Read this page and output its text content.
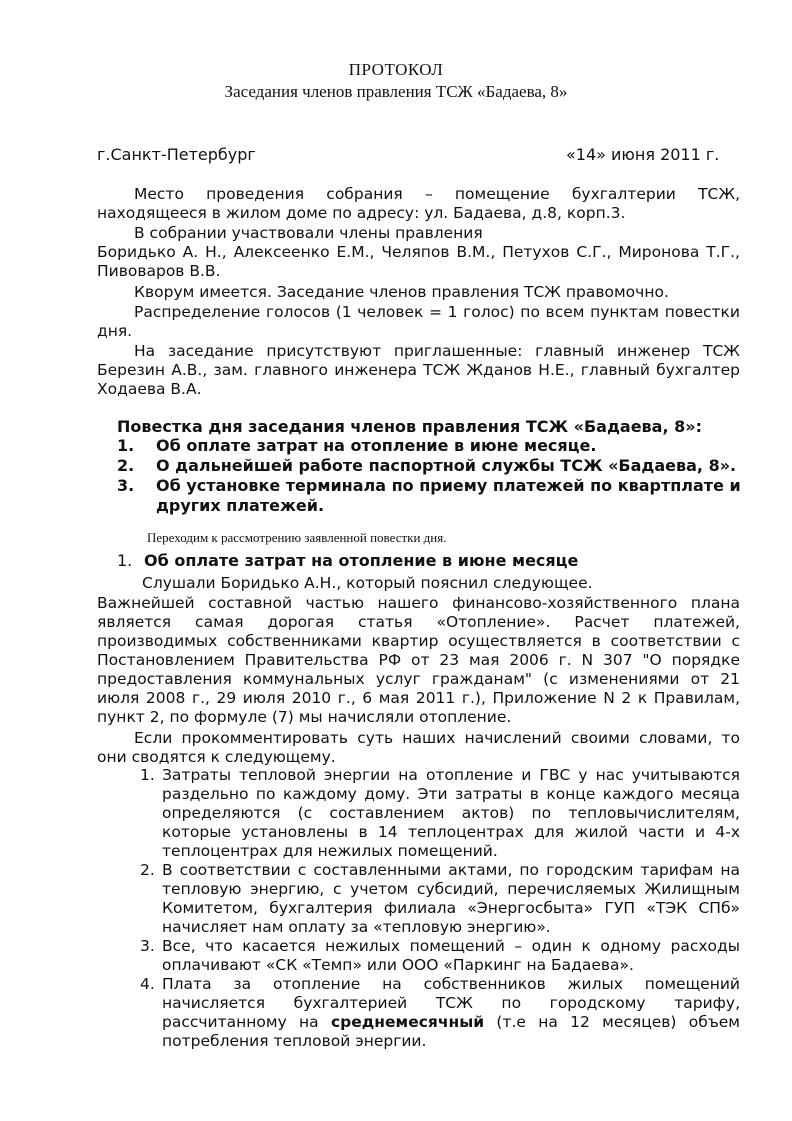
ПРОТОКОЛ
Заседания членов правления ТСЖ «Бадаева, 8»
г.Санкт-Петербург	«14» июня 2011 г.
Место проведения собрания – помещение бухгалтерии ТСЖ, находящееся в жилом доме по адресу: ул. Бадаева, д.8, корп.3.
В собрании участвовали члены правления
Боридько А. Н., Алексеенко Е.М., Челяпов В.М., Петухов С.Г., Миронова Т.Г., Пивоваров В.В.
Кворум имеется. Заседание членов правления ТСЖ правомочно.
Распределение голосов (1 человек = 1 голос) по всем пунктам повестки дня.
На заседание присутствуют приглашенные: главный инженер ТСЖ Березин А.В., зам. главного инженера ТСЖ Жданов Н.Е., главный бухгалтер Ходаева В.А.
Повестка дня заседания членов правления ТСЖ «Бадаева, 8»:
1. Об оплате затрат на отопление в июне месяце.
2. О дальнейшей работе паспортной службы ТСЖ «Бадаева, 8».
3. Об установке терминала по приему платежей по квартплате и других платежей.
Переходим к рассмотрению заявленной повестки дня.
1. Об оплате затрат на отопление в июне месяце
Слушали Боридько А.Н., который пояснил следующее.
Важнейшей составной частью нашего финансово-хозяйственного плана является самая дорогая статья «Отопление». Расчет платежей, производимых собственниками квартир осуществляется в соответствии с Постановлением Правительства РФ от 23 мая 2006 г. N 307 "О порядке предоставления коммунальных услуг гражданам" (с изменениями от 21 июля 2008 г., 29 июля 2010 г., 6 мая 2011 г.), Приложение N 2 к Правилам, пункт 2, по формуле (7) мы начисляли отопление.
Если прокомментировать суть наших начислений своими словами, то они сводятся к следующему.
1. Затраты тепловой энергии на отопление и ГВС у нас учитываются раздельно по каждому дому. Эти затраты в конце каждого месяца определяются (с составлением актов) по тепловычислителям, которые установлены в 14 теплоцентрах для жилой части и 4-х теплоцентрах для нежилых помещений.
2. В соответствии с составленными актами, по городским тарифам на тепловую энергию, с учетом субсидий, перечисляемых Жилищным Комитетом, бухгалтерия филиала «Энергосбыта» ГУП «ТЭК СПб» начисляет нам оплату за «тепловую энергию».
3. Все, что касается нежилых помещений – один к одному расходы оплачивают «СК «Темп» или ООО «Паркинг на Бадаева».
4. Плата за отопление на собственников жилых помещений начисляется бухгалтерией ТСЖ по городскому тарифу, рассчитанному на среднемесячный (т.е на 12 месяцев) объем потребления тепловой энергии.
